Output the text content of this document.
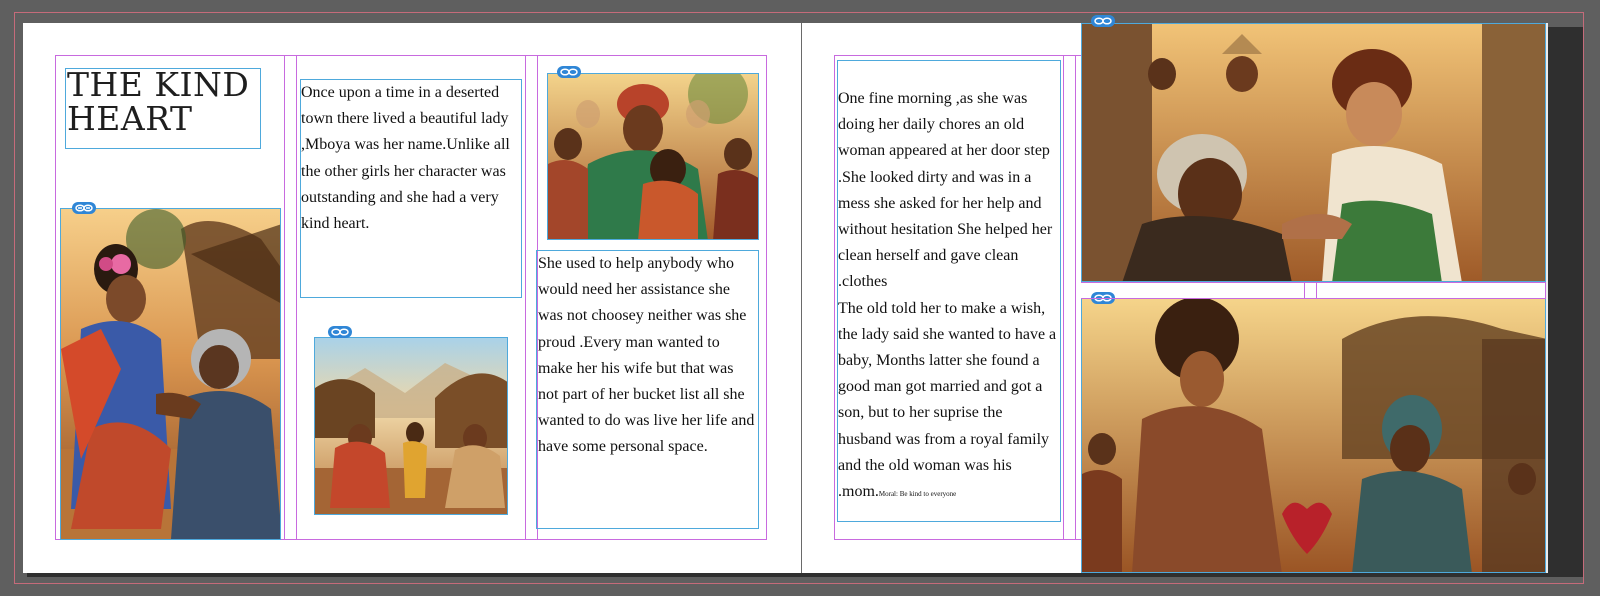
THE KIND
HEART

Once upon a time in a deserted town there lived a beautiful lady ,Mboya was her name.Unlike all the other girls her character was outstanding and she had a very kind heart.

She used to help anybody who would need her assistance she was not choosey neither was she proud .Every man wanted to make her his wife but that was not part of her bucket list all she wanted to do was live her life and have some personal space.

One fine morning ,as she was doing her daily chores an old woman appeared at her door step .She looked dirty and was in a mess she asked for her help and without hesitation She helped her clean herself and gave clean .clothes

The old told her to make a wish, the lady said she wanted to have a baby, Months latter she found a good man got married and got a son, but to her suprise the husband was from a royal family and the old woman was his .mom.Moral: Be kind to everyone
